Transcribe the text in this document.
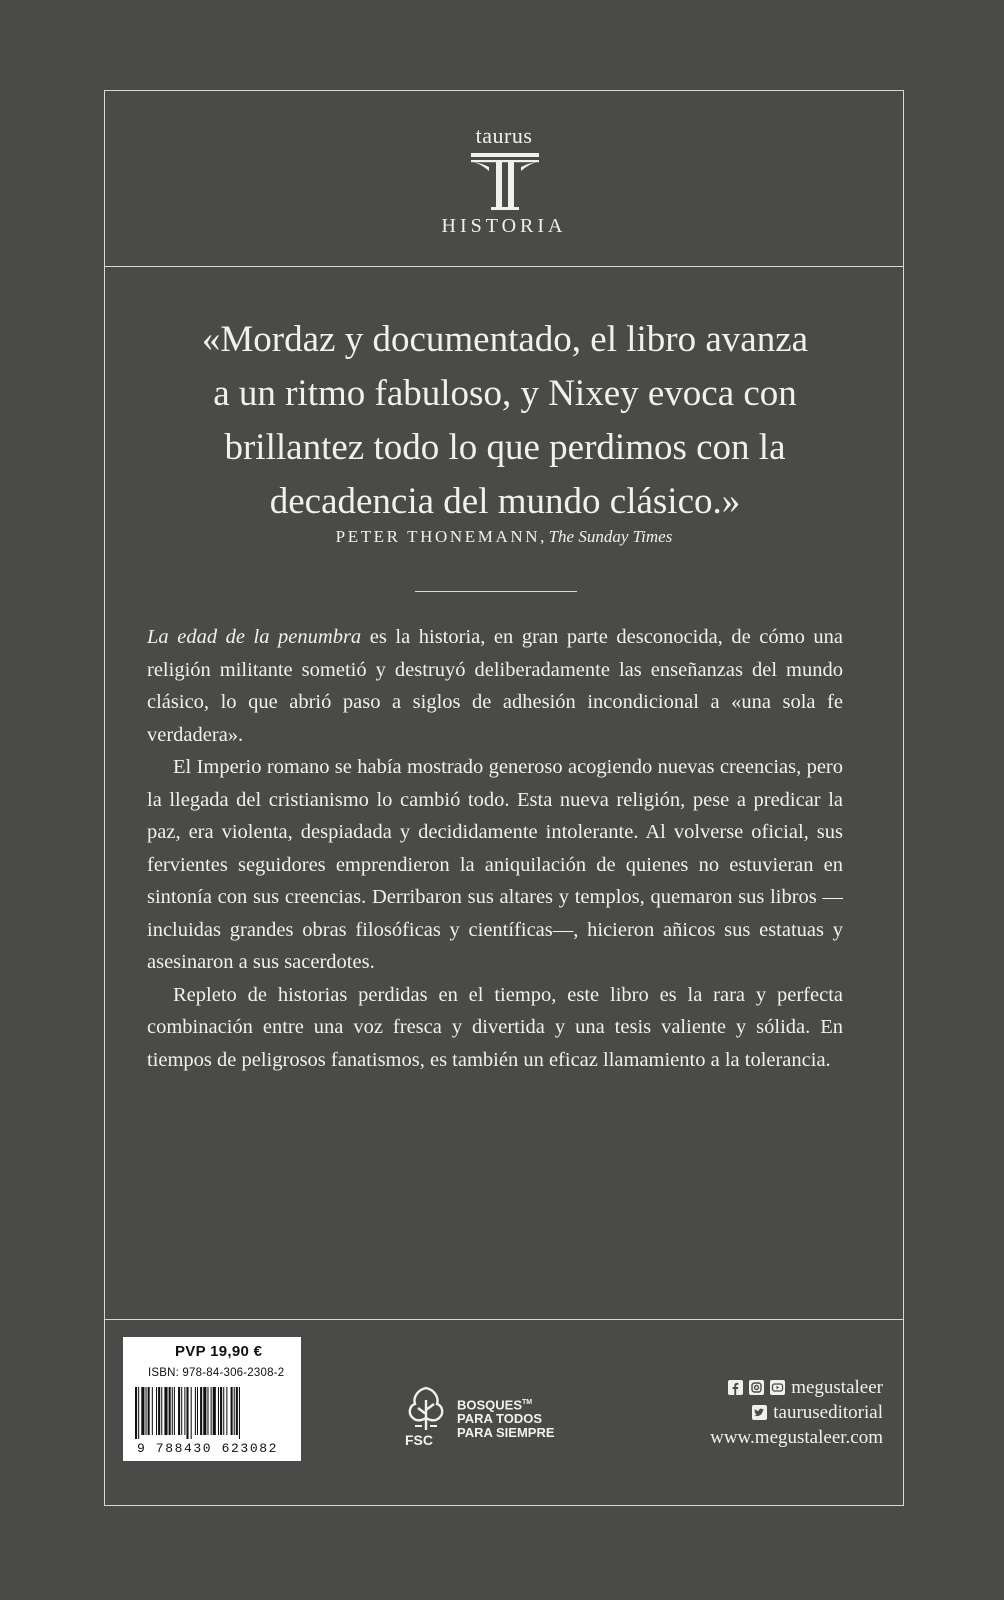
taurus
HISTORIA
«Mordaz y documentado, el libro avanza
a un ritmo fabuloso, y Nixey evoca con
brillantez todo lo que perdimos con la
decadencia del mundo clásico.»
PETER THONEMANN, The Sunday Times

La edad de la penumbra es la historia, en gran parte desconocida, de cómo una religión militante sometió y destruyó deliberadamente las enseñanzas del mundo clásico, lo que abrió paso a siglos de adhesión incondicional a «una sola fe verdadera».

El Imperio romano se había mostrado generoso acogiendo nuevas creencias, pero la llegada del cristianismo lo cambió todo. Esta nueva religión, pese a predicar la paz, era violenta, despiadada y decididamente intolerante. Al volverse oficial, sus fervientes seguidores emprendieron la aniquilación de quienes no estuvieran en sintonía con sus creencias. Derribaron sus altares y templos, quemaron sus libros —incluidas grandes obras filosóficas y científicas—, hicieron añicos sus estatuas y asesinaron a sus sacerdotes.

Repleto de historias perdidas en el tiempo, este libro es la rara y perfecta combinación entre una voz fresca y divertida y una tesis valiente y sólida. En tiempos de peligrosos fanatismos, es también un eficaz llamamiento a la tolerancia.

PVP 19,90 €
ISBN: 978-84-306-2308-2
9 788430 623082
FSC
BOSQUES™
PARA TODOS
PARA SIEMPRE
megustaleer
tauruseditorial
www.megustaleer.com
